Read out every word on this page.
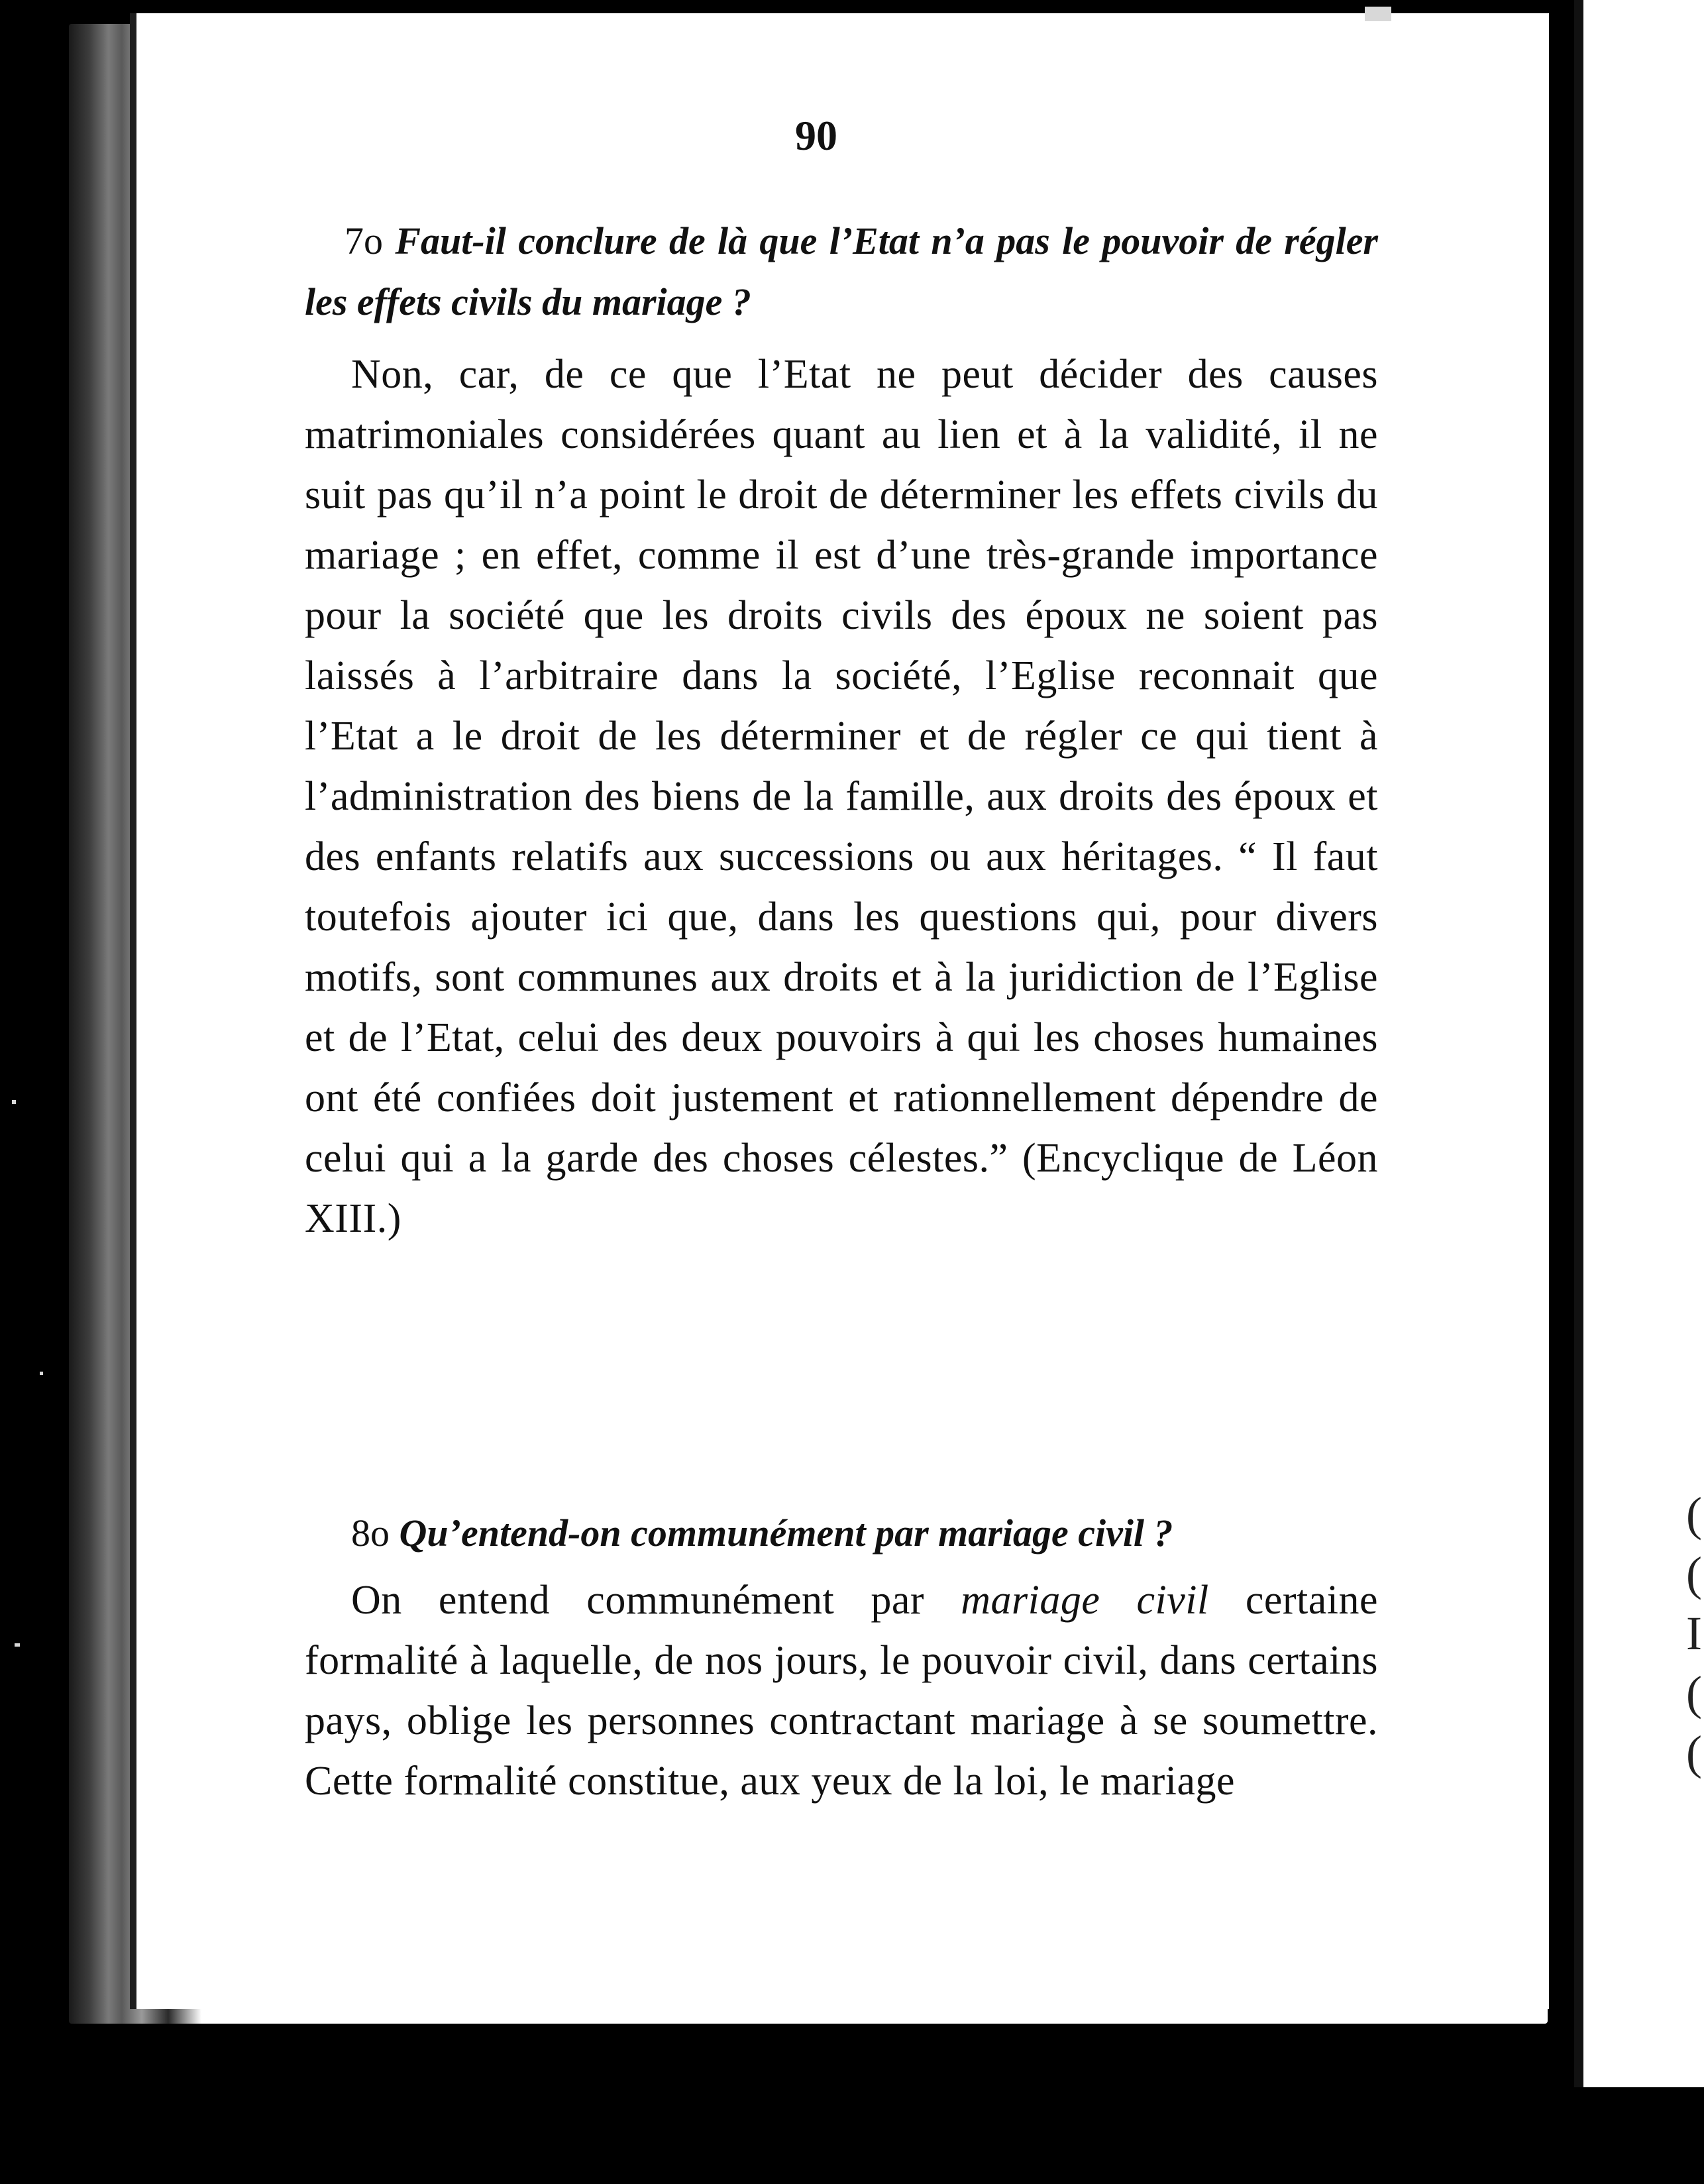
(
(
I
(
(
90
7o Faut-il conclure de là que l’Etat n’a pas le pouvoir de régler les effets civils du mariage ?
Non, car, de ce que l’Etat ne peut décider des causes matrimoniales considérées quant au lien et à la validité, il ne suit pas qu’il n’a point le droit de déterminer les effets civils du mariage ; en effet, comme il est d’une très-grande importance pour la société que les droits civils des époux ne soient pas laissés à l’arbitraire dans la société, l’Eglise reconnait que l’Etat a le droit de les déterminer et de régler ce qui tient à l’administration des biens de la famille, aux droits des époux et des enfants relatifs aux successions ou aux héritages. “ Il faut toutefois ajouter ici que, dans les questions qui, pour divers motifs, sont communes aux droits et à la juridiction de l’Eglise et de l’Etat, celui des deux pouvoirs à qui les choses humaines ont été confiées doit justement et rationnellement dépendre de celui qui a la garde des choses célestes.” (Encyclique de Léon XIII.)
8o Qu’entend-on communément par mariage civil ?
On entend communément par mariage civil certaine formalité à laquelle, de nos jours, le pouvoir civil, dans certains pays, oblige les personnes contractant mariage à se soumettre. Cette formalité constitue, aux yeux de la loi, le mariage
